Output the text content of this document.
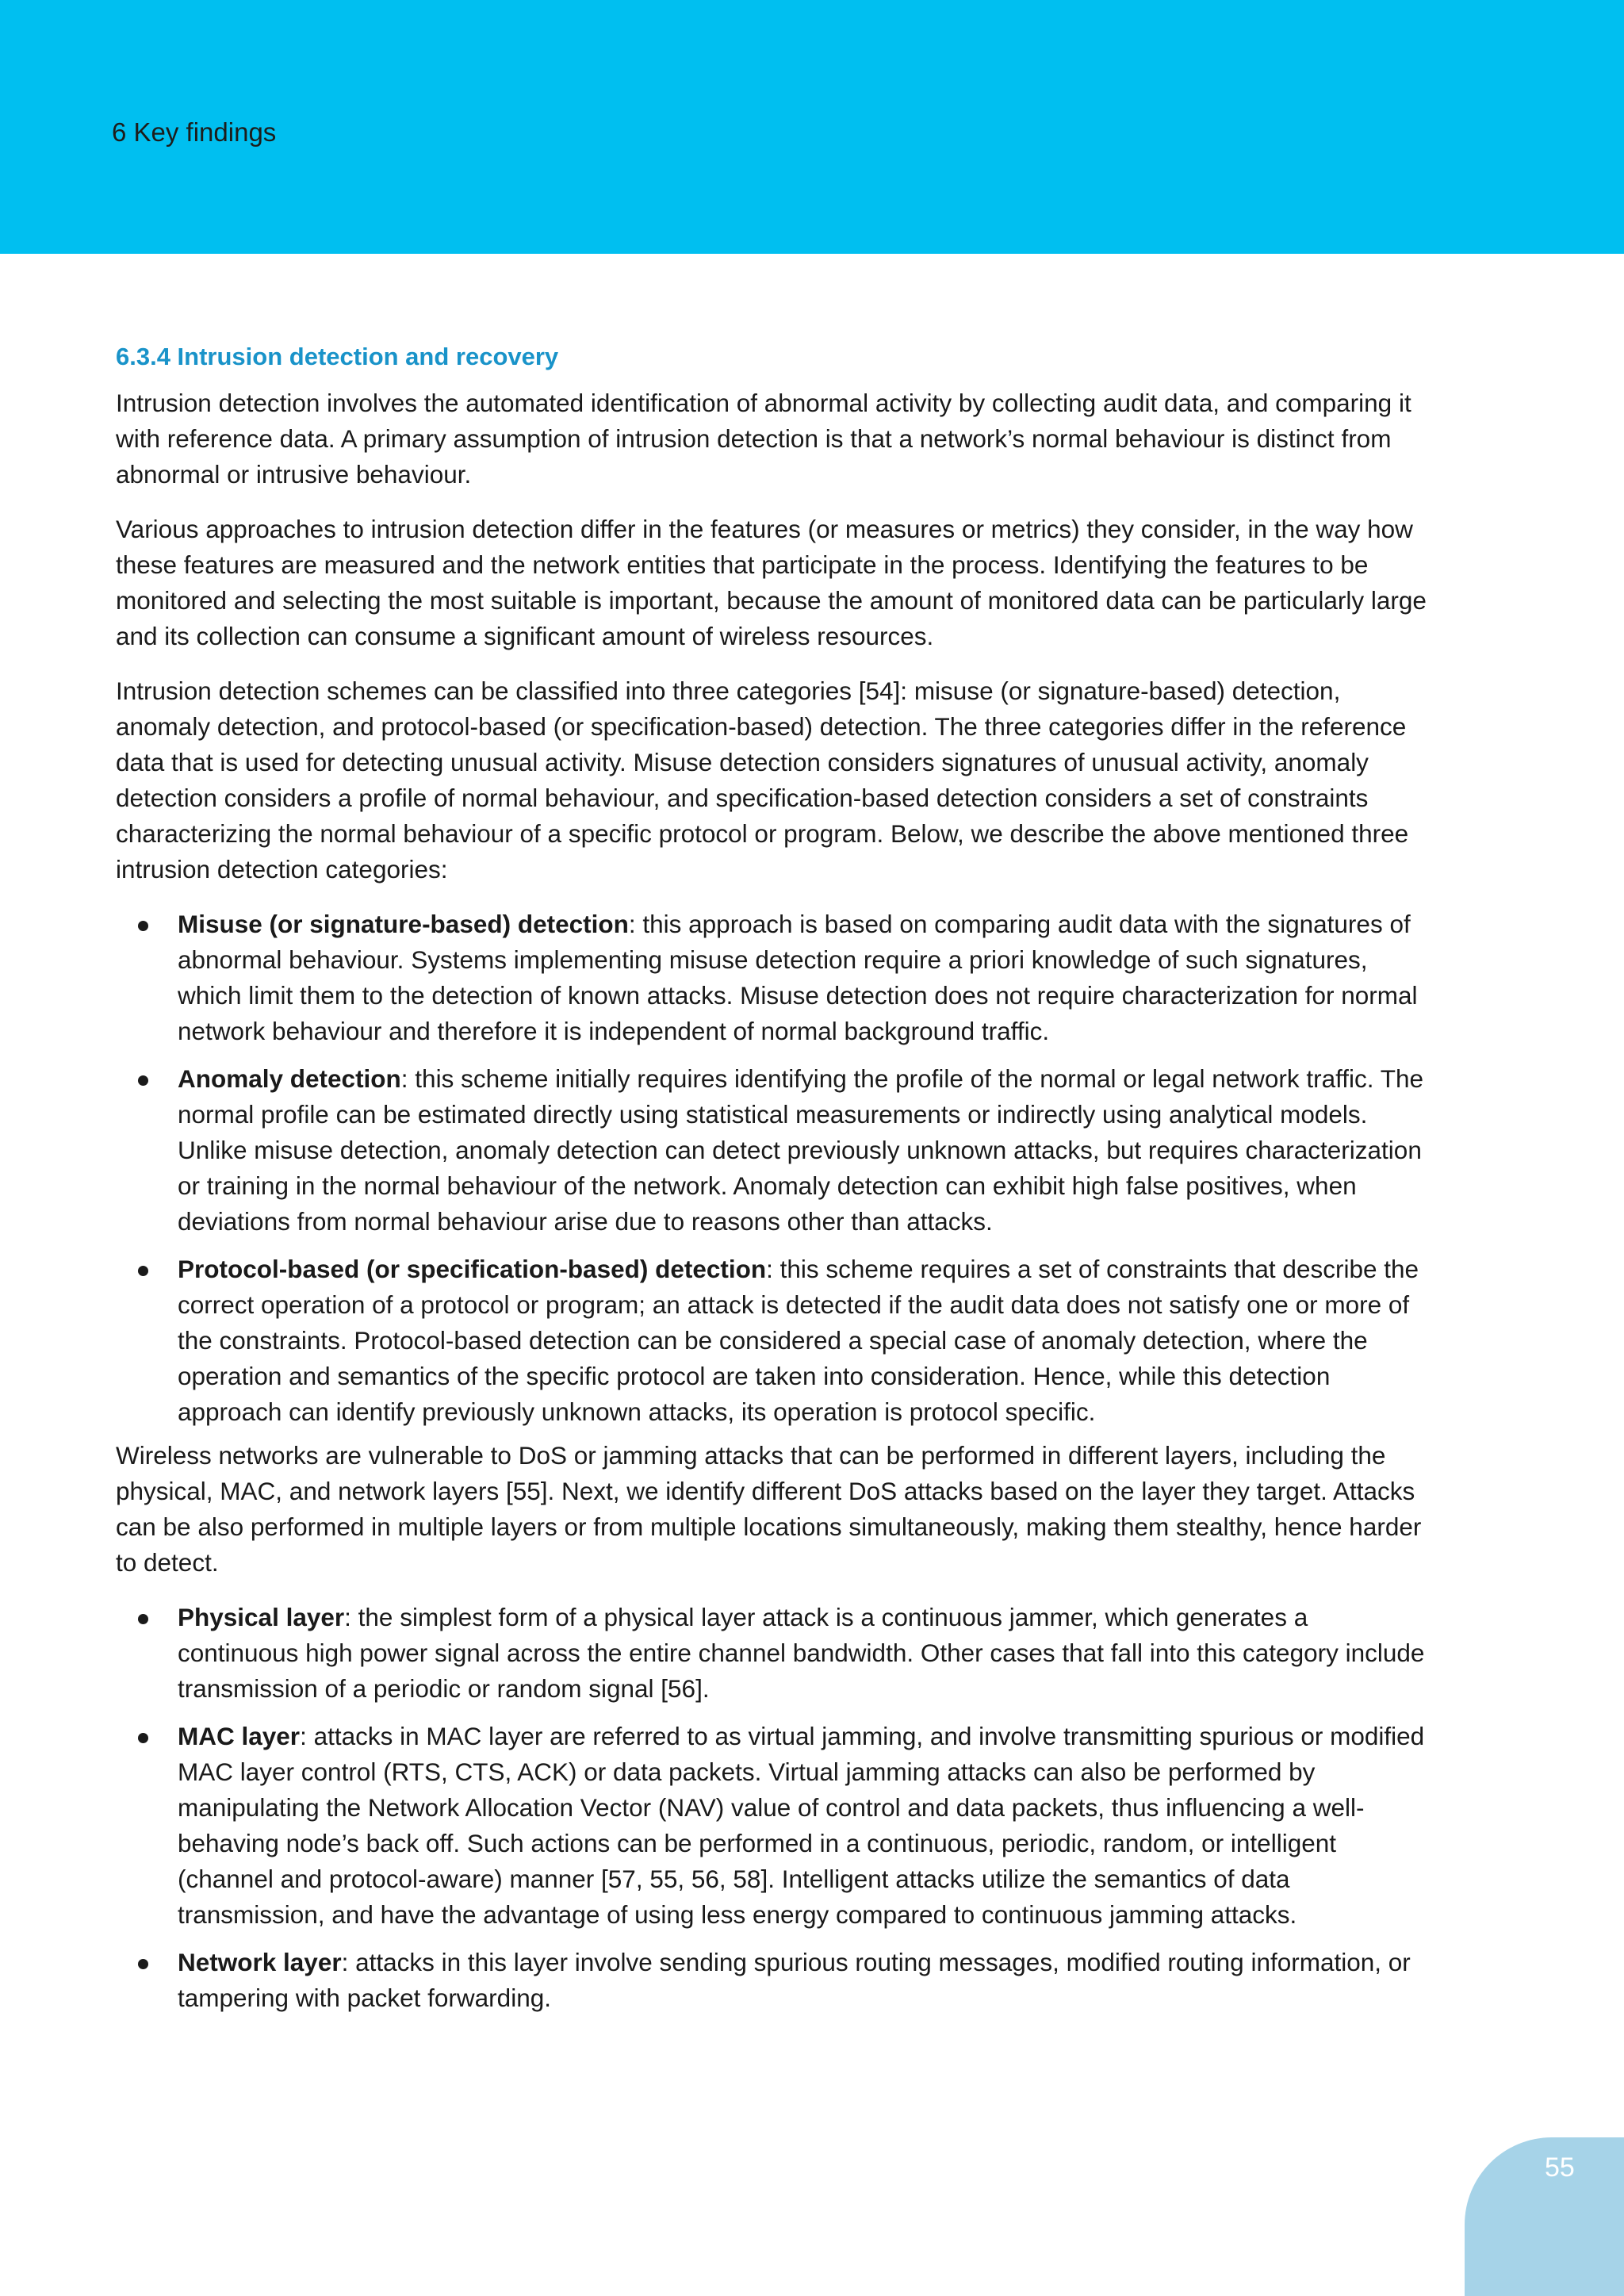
6 Key findings
6.3.4 Intrusion detection and recovery

Intrusion detection involves the automated identification of abnormal activity by collecting audit data, and comparing it with reference data. A primary assumption of intrusion detection is that a network’s normal behaviour is distinct from abnormal or intrusive behaviour.

Various approaches to intrusion detection differ in the features (or measures or metrics) they consider, in the way how these features are measured and the network entities that participate in the process. Identifying the features to be monitored and selecting the most suitable is important, because the amount of monitored data can be particularly large and its collection can consume a significant amount of wireless resources.

Intrusion detection schemes can be classified into three categories [54]: misuse (or signature-based) detection, anomaly detection, and protocol-based (or specification-based) detection. The three categories differ in the reference data that is used for detecting unusual activity. Misuse detection considers signatures of unusual activity, anomaly detection considers a profile of normal behaviour, and specification-based detection considers a set of constraints characterizing the normal behaviour of a specific protocol or program. Below, we describe the above mentioned three intrusion detection categories:

Misuse (or signature-based) detection: this approach is based on comparing audit data with the signatures of abnormal behaviour. Systems implementing misuse detection require a priori knowledge of such signatures, which limit them to the detection of known attacks. Misuse detection does not require characterization for normal network behaviour and therefore it is independent of normal background traffic.
Anomaly detection: this scheme initially requires identifying the profile of the normal or legal network traffic. The normal profile can be estimated directly using statistical measurements or indirectly using analytical models. Unlike misuse detection, anomaly detection can detect previously unknown attacks, but requires characterization or training in the normal behaviour of the network. Anomaly detection can exhibit high false positives, when deviations from normal behaviour arise due to reasons other than attacks.
Protocol-based (or specification-based) detection: this scheme requires a set of constraints that describe the correct operation of a protocol or program; an attack is detected if the audit data does not satisfy one or more of the constraints. Protocol-based detection can be considered a special case of anomaly detection, where the operation and semantics of the specific protocol are taken into consideration. Hence, while this detection approach can identify previously unknown attacks, its operation is protocol specific.

Wireless networks are vulnerable to DoS or jamming attacks that can be performed in different layers, including the physical, MAC, and network layers [55]. Next, we identify different DoS attacks based on the layer they target. Attacks can be also performed in multiple layers or from multiple locations simultaneously, making them stealthy, hence harder to detect.

Physical layer: the simplest form of a physical layer attack is a continuous jammer, which generates a continuous high power signal across the entire channel bandwidth. Other cases that fall into this category include transmission of a periodic or random signal [56].
MAC layer: attacks in MAC layer are referred to as virtual jamming, and involve transmitting spurious or modified MAC layer control (RTS, CTS, ACK) or data packets. Virtual jamming attacks can also be performed by manipulating the Network Allocation Vector (NAV) value of control and data packets, thus influencing a well-behaving node’s back off. Such actions can be performed in a continuous, periodic, random, or intelligent (channel and protocol-aware) manner [57, 55, 56, 58]. Intelligent attacks utilize the semantics of data transmission, and have the advantage of using less energy compared to continuous jamming attacks.
Network layer: attacks in this layer involve sending spurious routing messages, modified routing information, or tampering with packet forwarding.
55
